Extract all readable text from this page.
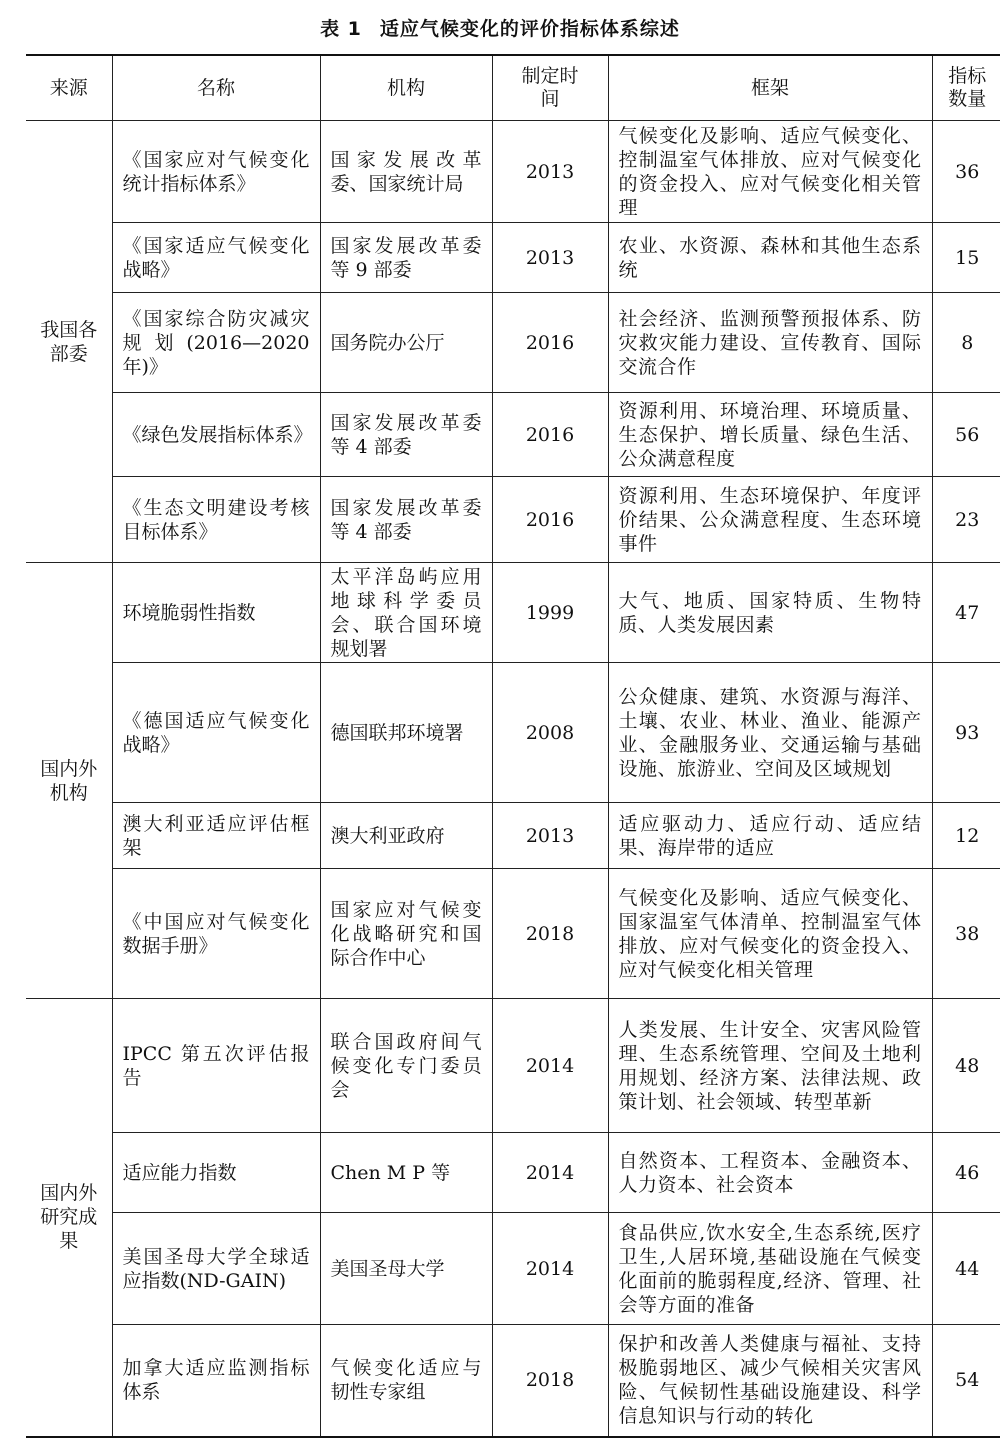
表 1 适应气候变化的评价指标体系综述
来源	名称	机构	制定时间	框架	指标数量
我国各部委	《国家应对气候变化统计指标体系》	国家发展改革委、国家统计局	2013	气候变化及影响、适应气候变化、控制温室气体排放、应对气候变化的资金投入、应对气候变化相关管理	36
	《国家适应气候变化战略》	国家发展改革委等 9 部委	2013	农业、水资源、森林和其他生态系统	15
	《国家综合防灾减灾规划(2016—2020 年)》	国务院办公厅	2016	社会经济、监测预警预报体系、防灾救灾能力建设、宣传教育、国际交流合作	8
	《绿色发展指标体系》	国家发展改革委等 4 部委	2016	资源利用、环境治理、环境质量、生态保护、增长质量、绿色生活、公众满意程度	56
	《生态文明建设考核目标体系》	国家发展改革委等 4 部委	2016	资源利用、生态环境保护、年度评价结果、公众满意程度、生态环境事件	23
国内外机构	环境脆弱性指数	太平洋岛屿应用地球科学委员会、联合国环境规划署	1999	大气、地质、国家特质、生物特质、人类发展因素	47
	《德国适应气候变化战略》	德国联邦环境署	2008	公众健康、建筑、水资源与海洋、土壤、农业、林业、渔业、能源产业、金融服务业、交通运输与基础设施、旅游业、空间及区域规划	93
	澳大利亚适应评估框架	澳大利亚政府	2013	适应驱动力、适应行动、适应结果、海岸带的适应	12
	《中国应对气候变化数据手册》	国家应对气候变化战略研究和国际合作中心	2018	气候变化及影响、适应气候变化、国家温室气体清单、控制温室气体排放、应对气候变化的资金投入、应对气候变化相关管理	38
国内外研究成果	IPCC 第五次评估报告	联合国政府间气候变化专门委员会	2014	人类发展、生计安全、灾害风险管理、生态系统管理、空间及土地利用规划、经济方案、法律法规、政策计划、社会领域、转型革新	48
	适应能力指数	Chen M P 等	2014	自然资本、工程资本、金融资本、人力资本、社会资本	46
	美国圣母大学全球适应指数(ND-GAIN)	美国圣母大学	2014	食品供应,饮水安全,生态系统,医疗卫生,人居环境,基础设施在气候变化面前的脆弱程度,经济、管理、社会等方面的准备	44
	加拿大适应监测指标体系	气候变化适应与韧性专家组	2018	保护和改善人类健康与福祉、支持极脆弱地区、减少气候相关灾害风险、气候韧性基础设施建设、科学信息知识与行动的转化	54
